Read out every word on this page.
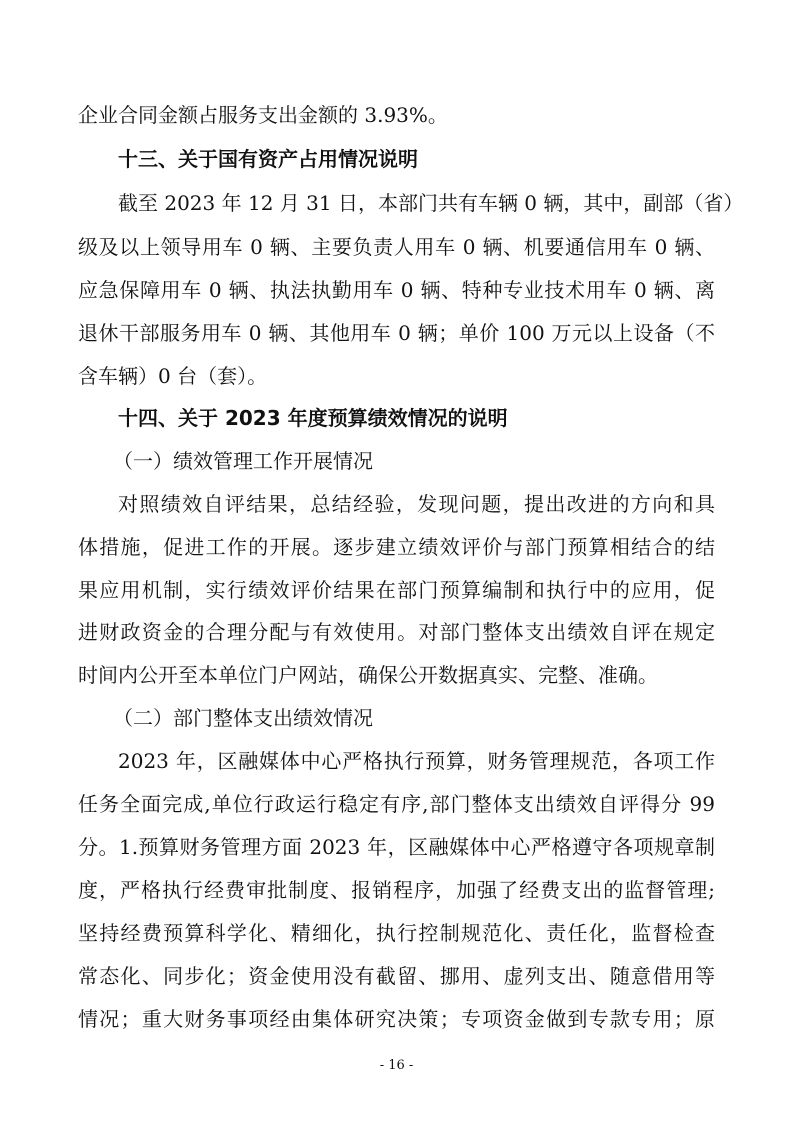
企业合同金额占服务支出金额的 3.93%。
十三、关于国有资产占用情况说明
截至 2023 年 12 月 31 日，本部门共有车辆 0 辆，其中，副部（省）
级及以上领导用车 0 辆、主要负责人用车 0 辆、机要通信用车 0 辆、
应急保障用车 0 辆、执法执勤用车 0 辆、特种专业技术用车 0 辆、离
退休干部服务用车 0 辆、其他用车 0 辆；单价 100 万元以上设备（不
含车辆）0 台（套）。
十四、关于 2023 年度预算绩效情况的说明
（一）绩效管理工作开展情况
对照绩效自评结果，总结经验，发现问题，提出改进的方向和具
体措施，促进工作的开展。逐步建立绩效评价与部门预算相结合的结
果应用机制，实行绩效评价结果在部门预算编制和执行中的应用，促
进财政资金的合理分配与有效使用。对部门整体支出绩效自评在规定
时间内公开至本单位门户网站，确保公开数据真实、完整、准确。
（二）部门整体支出绩效情况
2023 年，区融媒体中心严格执行预算，财务管理规范，各项工作
任务全面完成,单位行政运行稳定有序,部门整体支出绩效自评得分 99
分。1.预算财务管理方面 2023 年，区融媒体中心严格遵守各项规章制
度，严格执行经费审批制度、报销程序，加强了经费支出的监督管理;
坚持经费预算科学化、精细化，执行控制规范化、责任化，监督检查
常态化、同步化；资金使用没有截留、挪用、虚列支出、随意借用等
情况；重大财务事项经由集体研究决策；专项资金做到专款专用；原
- 16 -
